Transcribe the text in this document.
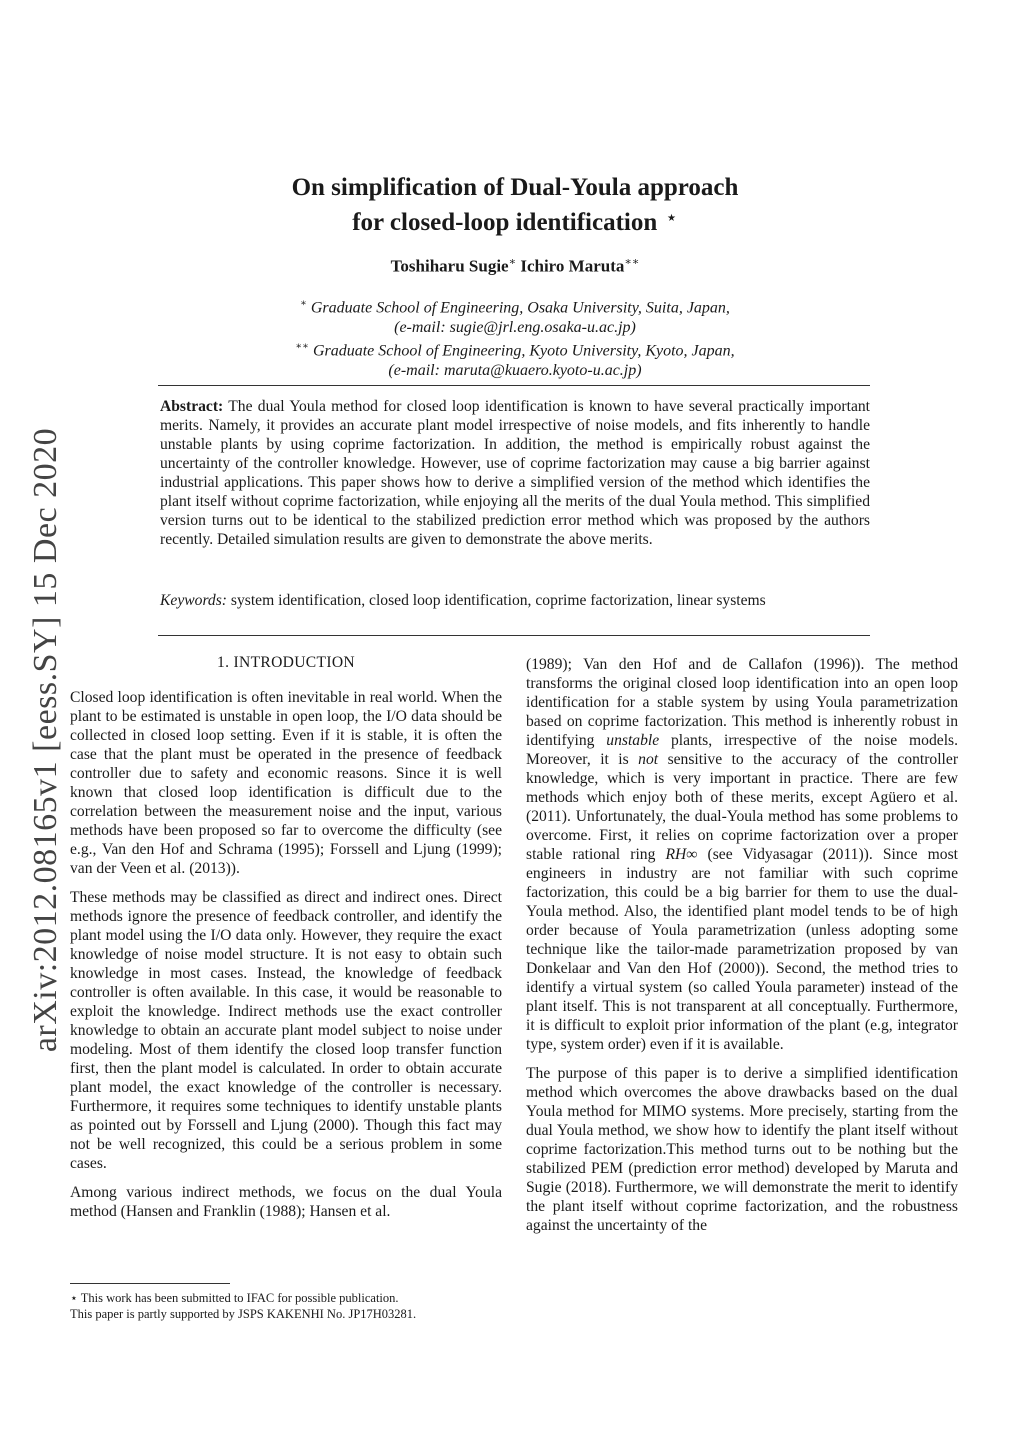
arXiv:2012.08165v1 [eess.SY] 15 Dec 2020
On simplification of Dual-Youla approach
for closed-loop identification ⋆
Toshiharu Sugie∗ Ichiro Maruta∗∗
∗ Graduate School of Engineering, Osaka University, Suita, Japan,
(e-mail: sugie@jrl.eng.osaka-u.ac.jp)
∗∗ Graduate School of Engineering, Kyoto University, Kyoto, Japan,
(e-mail: maruta@kuaero.kyoto-u.ac.jp)
Abstract: The dual Youla method for closed loop identification is known to have several practically important merits. Namely, it provides an accurate plant model irrespective of noise models, and fits inherently to handle unstable plants by using coprime factorization. In addition, the method is empirically robust against the uncertainty of the controller knowledge. However, use of coprime factorization may cause a big barrier against industrial applications. This paper shows how to derive a simplified version of the method which identifies the plant itself without coprime factorization, while enjoying all the merits of the dual Youla method. This simplified version turns out to be identical to the stabilized prediction error method which was proposed by the authors recently. Detailed simulation results are given to demonstrate the above merits.
Keywords: system identification, closed loop identification, coprime factorization, linear systems
1. INTRODUCTION

Closed loop identification is often inevitable in real world. When the plant to be estimated is unstable in open loop, the I/O data should be collected in closed loop setting. Even if it is stable, it is often the case that the plant must be operated in the presence of feedback controller due to safety and economic reasons. Since it is well known that closed loop identification is difficult due to the correlation between the measurement noise and the input, various methods have been proposed so far to overcome the difficulty (see e.g., Van den Hof and Schrama (1995); Forssell and Ljung (1999); van der Veen et al. (2013)).

These methods may be classified as direct and indirect ones. Direct methods ignore the presence of feedback controller, and identify the plant model using the I/O data only. However, they require the exact knowledge of noise model structure. It is not easy to obtain such knowledge in most cases. Instead, the knowledge of feedback controller is often available. In this case, it would be reasonable to exploit the knowledge. Indirect methods use the exact controller knowledge to obtain an accurate plant model subject to noise under modeling. Most of them identify the closed loop transfer function first, then the plant model is calculated. In order to obtain accurate plant model, the exact knowledge of the controller is necessary. Furthermore, it requires some techniques to identify unstable plants as pointed out by Forssell and Ljung (2000). Though this fact may not be well recognized, this could be a serious problem in some cases.

Among various indirect methods, we focus on the dual Youla method (Hansen and Franklin (1988); Hansen et al.

⋆ This work has been submitted to IFAC for possible publication.
This paper is partly supported by JSPS KAKENHI No. JP17H03281.

(1989); Van den Hof and de Callafon (1996)). The method transforms the original closed loop identification into an open loop identification for a stable system by using Youla parametrization based on coprime factorization. This method is inherently robust in identifying unstable plants, irrespective of the noise models. Moreover, it is not sensitive to the accuracy of the controller knowledge, which is very important in practice. There are few methods which enjoy both of these merits, except Agüero et al. (2011). Unfortunately, the dual-Youla method has some problems to overcome. First, it relies on coprime factorization over a proper stable rational ring RH∞ (see Vidyasagar (2011)). Since most engineers in industry are not familiar with such coprime factorization, this could be a big barrier for them to use the dual-Youla method. Also, the identified plant model tends to be of high order because of Youla parametrization (unless adopting some technique like the tailor-made parametrization proposed by van Donkelaar and Van den Hof (2000)). Second, the method tries to identify a virtual system (so called Youla parameter) instead of the plant itself. This is not transparent at all conceptually. Furthermore, it is difficult to exploit prior information of the plant (e.g, integrator type, system order) even if it is available.

The purpose of this paper is to derive a simplified identification method which overcomes the above drawbacks based on the dual Youla method for MIMO systems. More precisely, starting from the dual Youla method, we show how to identify the plant itself without coprime factorization.This method turns out to be nothing but the stabilized PEM (prediction error method) developed by Maruta and Sugie (2018). Furthermore, we will demonstrate the merit to identify the plant itself without coprime factorization, and the robustness against the uncertainty of the
